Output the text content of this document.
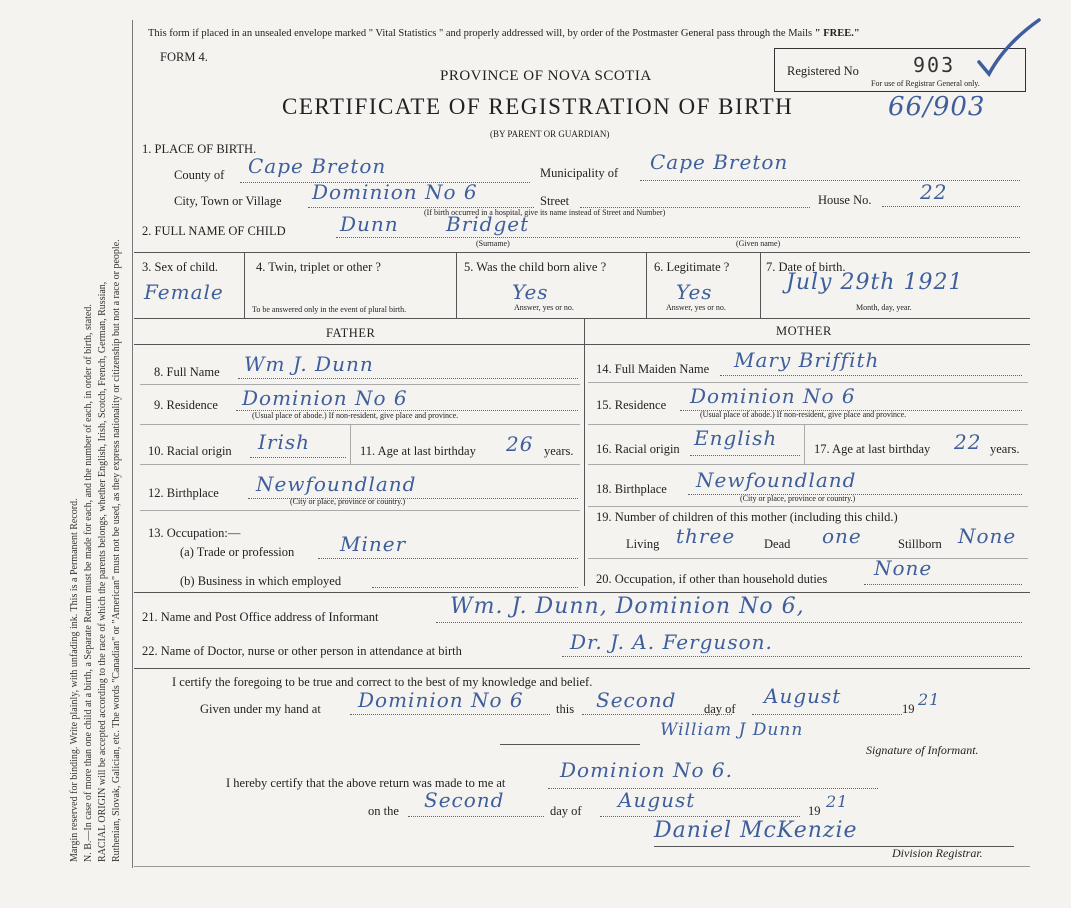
Margin reserved for binding. Write plainly, with unfading ink. This is a Permanent Record. N. B.—In case of more than one child at a birth, a Separate Return must be made for each, and the number of each, in order of birth, stated. RACIAL ORIGIN will be accepted according to the race of which the parents belongs, whether English, Irish, Scotch, French, German, Russian, Ruthenian, Slovak, Galician, etc. The words "Canadian" or "American" must not be used, as they express nationality or citizenship but not a race or people.
This form if placed in an unsealed envelope marked " Vital Statistics " and properly addressed will, by order of the Postmaster General pass through the Mails " FREE."
FORM 4.
PROVINCE OF NOVA SCOTIA
CERTIFICATE OF REGISTRATION OF BIRTH
(BY PARENT OR GUARDIAN)
66/903
Registered No	903
For use of Registrar General only.
1. PLACE OF BIRTH.
County of Cape Breton	Municipality of Cape Breton
City, Town or Village Dominion No 6	Street
(If birth occurred in a hospital, give its name instead of Street and Number)
House No. 22
2. FULL NAME OF CHILD	Dunn Bridget
(Surname)	(Given name)
3. Sex of child.
Female
4. Twin, triplet or other ?
To be answered only in the event of plural birth.
5. Was the child born alive ?
Yes
Answer, yes or no.
6. Legitimate ?
Yes
Answer, yes or no.
7. Date of birth.
July 29th 1921
Month, day, year.
FATHER	MOTHER
8. Full Name Wm J. Dunn
9. Residence Dominion No 6
(Usual place of abode.) If non-resident, give place and province.
10. Racial origin Irish	11. Age at last birthday 26 years.
12. Birthplace Newfoundland
(City or place, province or country.)
13. Occupation:—
(a) Trade or profession Miner
(b) Business in which employed
14. Full Maiden Name Mary Briffith
15. Residence Dominion No 6
(Usual place of abode.) If non-resident, give place and province.
16. Racial origin English	17. Age at last birthday 22 years.
18. Birthplace Newfoundland
(City or place, province or country.)
19. Number of children of this mother (including this child.)
Living three Dead one	Stillborn None
20. Occupation, if other than household duties None
21. Name and Post Office address of Informant	Wm. J. Dunn, Dominion No 6,
22. Name of Doctor, nurse or other person in attendance at birth	Dr. J. A. Ferguson.
I certify the foregoing to be true and correct to the best of my knowledge and belief.
Given under my hand at Dominion No 6	this Second day of
August
19 21
William J Dunn
Signature of Informant.
I hereby certify that the above return was made to me at
Dominion No 6.
on the Second	day of August	19 21
Daniel McKenzie
Division Registrar.
